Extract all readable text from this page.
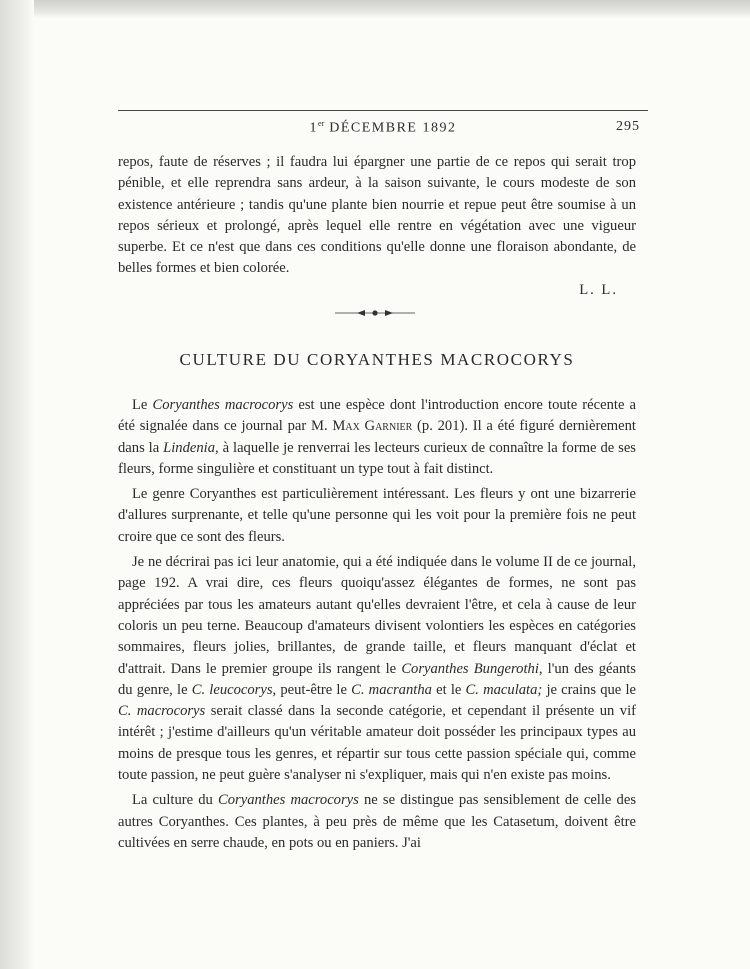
1er DÉCEMBRE 1892	295

repos, faute de réserves ; il faudra lui épargner une partie de ce repos qui serait trop pénible, et elle reprendra sans ardeur, à la saison suivante, le cours modeste de son existence antérieure ; tandis qu'une plante bien nourrie et repue peut être soumise à un repos sérieux et prolongé, après lequel elle rentre en végétation avec une vigueur superbe. Et ce n'est que dans ces conditions qu'elle donne une floraison abondante, de belles formes et bien colorée.

L. L.
CULTURE DU CORYANTHES MACROCORYS

Le Coryanthes macrocorys est une espèce dont l'introduction encore toute récente a été signalée dans ce journal par M. Max Garnier (p. 201). Il a été figuré dernièrement dans la Lindenia, à laquelle je renverrai les lecteurs curieux de connaître la forme de ses fleurs, forme singulière et constituant un type tout à fait distinct.

Le genre Coryanthes est particulièrement intéressant. Les fleurs y ont une bizarrerie d'allures surprenante, et telle qu'une personne qui les voit pour la première fois ne peut croire que ce sont des fleurs.

Je ne décrirai pas ici leur anatomie, qui a été indiquée dans le volume II de ce journal, page 192. A vrai dire, ces fleurs quoiqu'assez élégantes de formes, ne sont pas appréciées par tous les amateurs autant qu'elles devraient l'être, et cela à cause de leur coloris un peu terne. Beaucoup d'amateurs divisent volontiers les espèces en catégories sommaires, fleurs jolies, brillantes, de grande taille, et fleurs manquant d'éclat et d'attrait. Dans le premier groupe ils rangent le Coryanthes Bungerothi, l'un des géants du genre, le C. leucocorys, peut-être le C. macrantha et le C. maculata; je crains que le C. macrocorys serait classé dans la seconde catégorie, et cependant il présente un vif intérêt ; j'estime d'ailleurs qu'un véritable amateur doit posséder les principaux types au moins de presque tous les genres, et répartir sur tous cette passion spéciale qui, comme toute passion, ne peut guère s'analyser ni s'expliquer, mais qui n'en existe pas moins.

La culture du Coryanthes macrocorys ne se distingue pas sensiblement de celle des autres Coryanthes. Ces plantes, à peu près de même que les Catasetum, doivent être cultivées en serre chaude, en pots ou en paniers. J'ai
